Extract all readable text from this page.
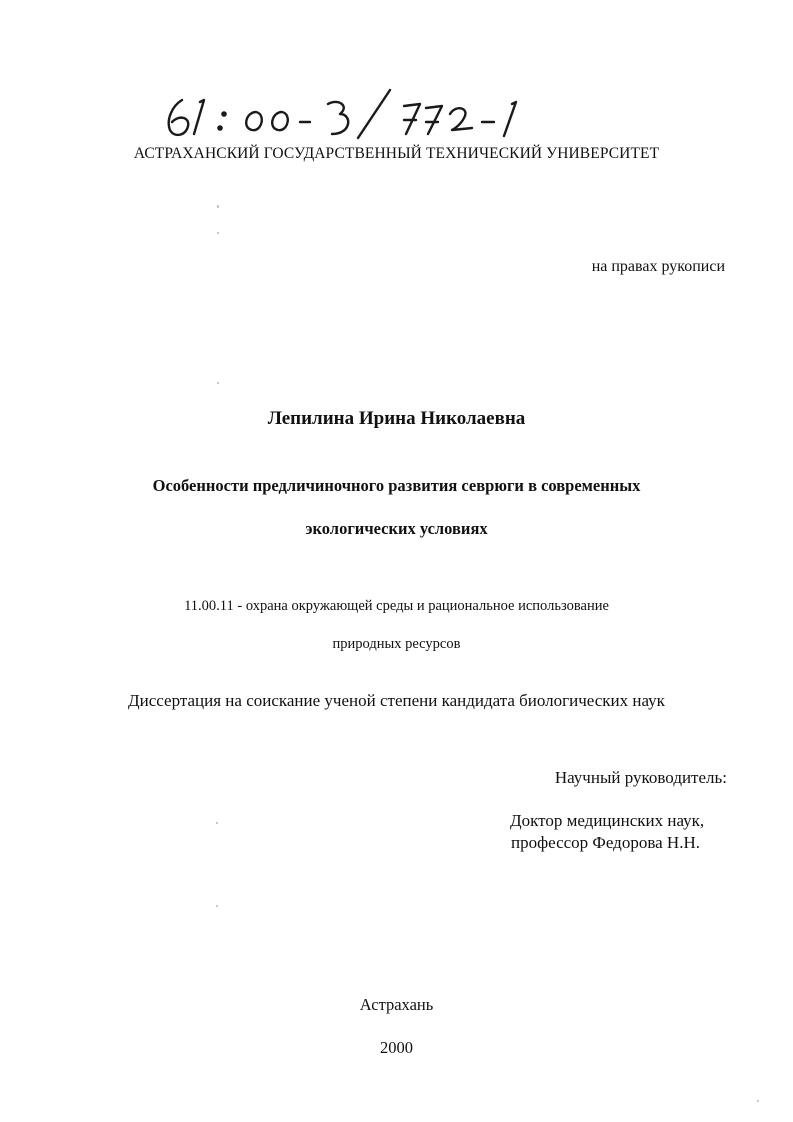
АСТРАХАНСКИЙ ГОСУДАРСТВЕННЫЙ ТЕХНИЧЕСКИЙ УНИВЕРСИТЕТ
на правах рукописи
Лепилина Ирина Николаевна
Особенности предличиночного развития севрюги в современных
экологических условиях
11.00.11 - охрана окружающей среды и рациональное использование
природных ресурсов
Диссертация на соискание ученой степени кандидата биологических наук
Научный руководитель:
Доктор медицинских наук,
профессор Федорова Н.Н.
Астрахань
2000
